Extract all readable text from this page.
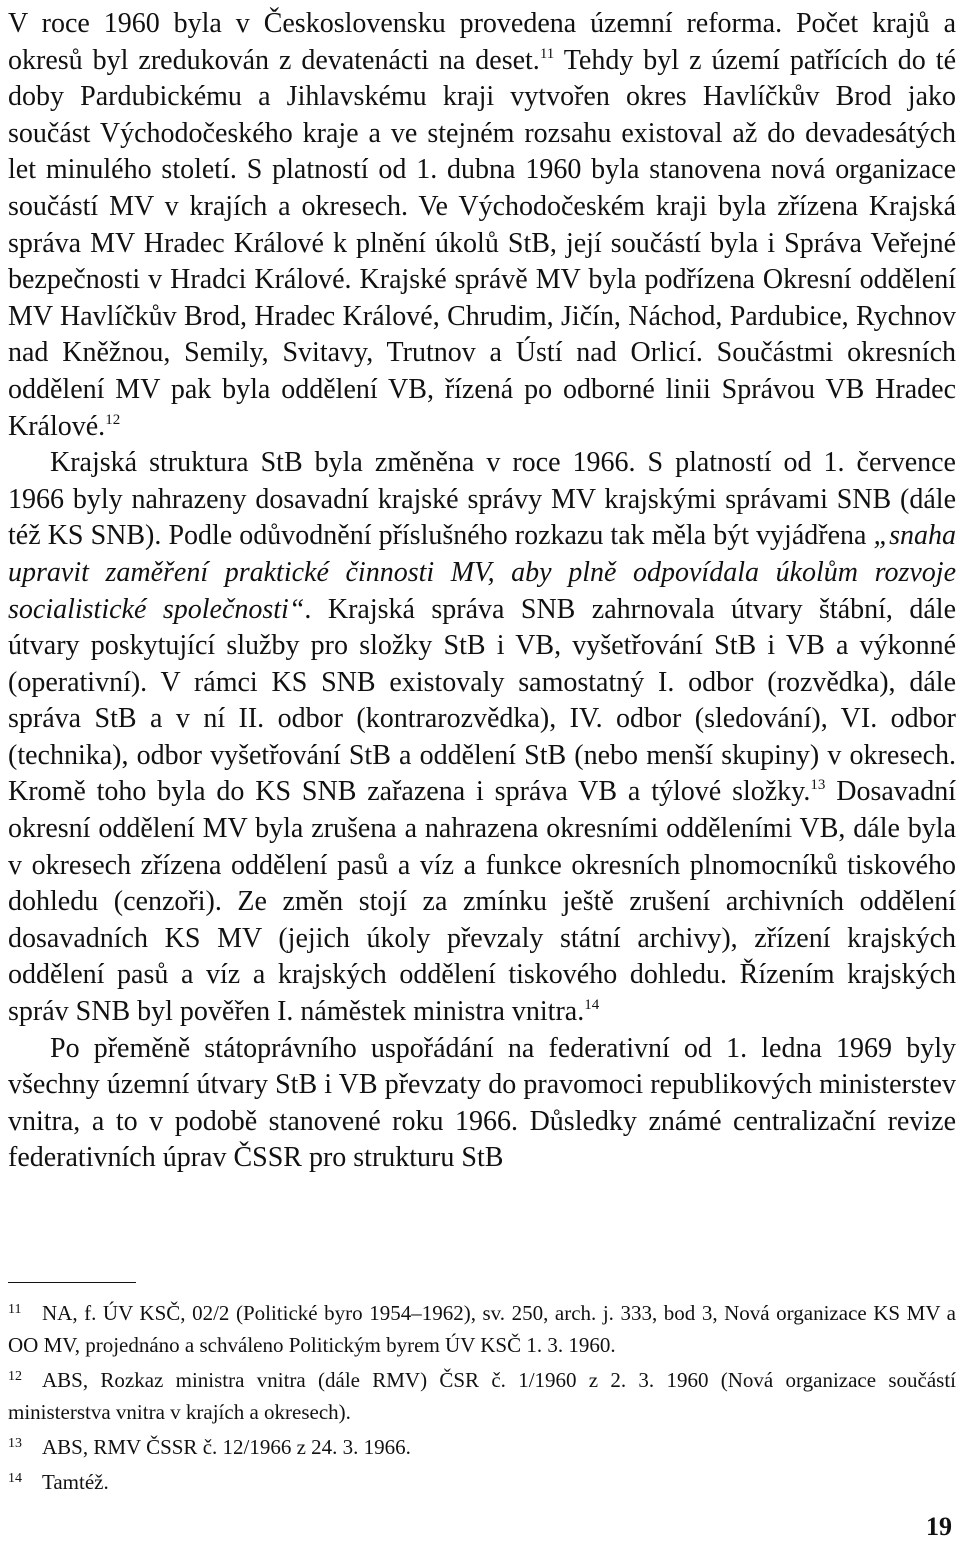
V roce 1960 byla v Československu provedena územní reforma. Počet krajů a okresů byl zredukován z devatenácti na deset.$^{11}$ Tehdy byl z území patřících do té doby Pardubickému a Jihlavskému kraji vytvořen okres Havlíčkův Brod jako součást Východočeského kraje a ve stejném rozsahu existoval až do devadesátých let minulého století. S platností od 1. dubna 1960 byla stanovena nová organizace součástí MV v krajích a okresech. Ve Východočeském kraji byla zřízena Krajská správa MV Hradec Králové k plnění úkolů StB, její součástí byla i Správa Veřejné bezpečnosti v Hradci Králové. Krajské správě MV byla podřízena Okresní oddělení MV Havlíčkův Brod, Hradec Králové, Chrudim, Jičín, Náchod, Pardubice, Rychnov nad Kněžnou, Semily, Svitavy, Trutnov a Ústí nad Orlicí. Součástmi okresních oddělení MV pak byla oddělení VB, řízená po odborné linii Správou VB Hradec Králové.$^{12}$

Krajská struktura StB byla změněna v roce 1966. S platností od 1. července 1966 byly nahrazeny dosavadní krajské správy MV krajskými správami SNB (dále též KS SNB). Podle odůvodnění příslušného rozkazu tak měla být vyjádřena „snaha upravit zaměření praktické činnosti MV, aby plně odpovídala úkolům rozvoje socialistické společnosti“. Krajská správa SNB zahrnovala útvary štábní, dále útvary poskytující služby pro složky StB i VB, vyšetřování StB i VB a výkonné (operativní). V rámci KS SNB existovaly samostatný I. odbor (rozvědka), dále správa StB a v ní II. odbor (kontrarozvědka), IV. odbor (sledování), VI. odbor (technika), odbor vyšetřování StB a oddělení StB (nebo menší skupiny) v okresech. Kromě toho byla do KS SNB zařazena i správa VB a týlové složky.$^{13}$ Dosavadní okresní oddělení MV byla zrušena a nahrazena okresními odděleními VB, dále byla v okresech zřízena oddělení pasů a víz a funkce okresních plnomocníků tiskového dohledu (cenzoři). Ze změn stojí za zmínku ještě zrušení archivních oddělení dosavadních KS MV (jejich úkoly převzaly státní archivy), zřízení krajských oddělení pasů a víz a krajských oddělení tiskového dohledu. Řízením krajských správ SNB byl pověřen I. náměstek ministra vnitra.$^{14}$

Po přeměně státoprávního uspořádání na federativní od 1. ledna 1969 byly všechny územní útvary StB i VB převzaty do pravomoci republikových ministerstev vnitra, a to v podobě stanovené roku 1966. Důsledky známé centralizační revize federativních úprav ČSSR pro strukturu StB

11 NA, f. ÚV KSČ, 02/2 (Politické byro 1954–1962), sv. 250, arch. j. 333, bod 3, Nová organizace KS MV a OO MV, projednáno a schváleno Politickým byrem ÚV KSČ 1. 3. 1960.

12 ABS, Rozkaz ministra vnitra (dále RMV) ČSR č. 1/1960 z 2. 3. 1960 (Nová organizace součástí ministerstva vnitra v krajích a okresech).

13 ABS, RMV ČSSR č. 12/1966 z 24. 3. 1966.

14 Tamtéž.

19
